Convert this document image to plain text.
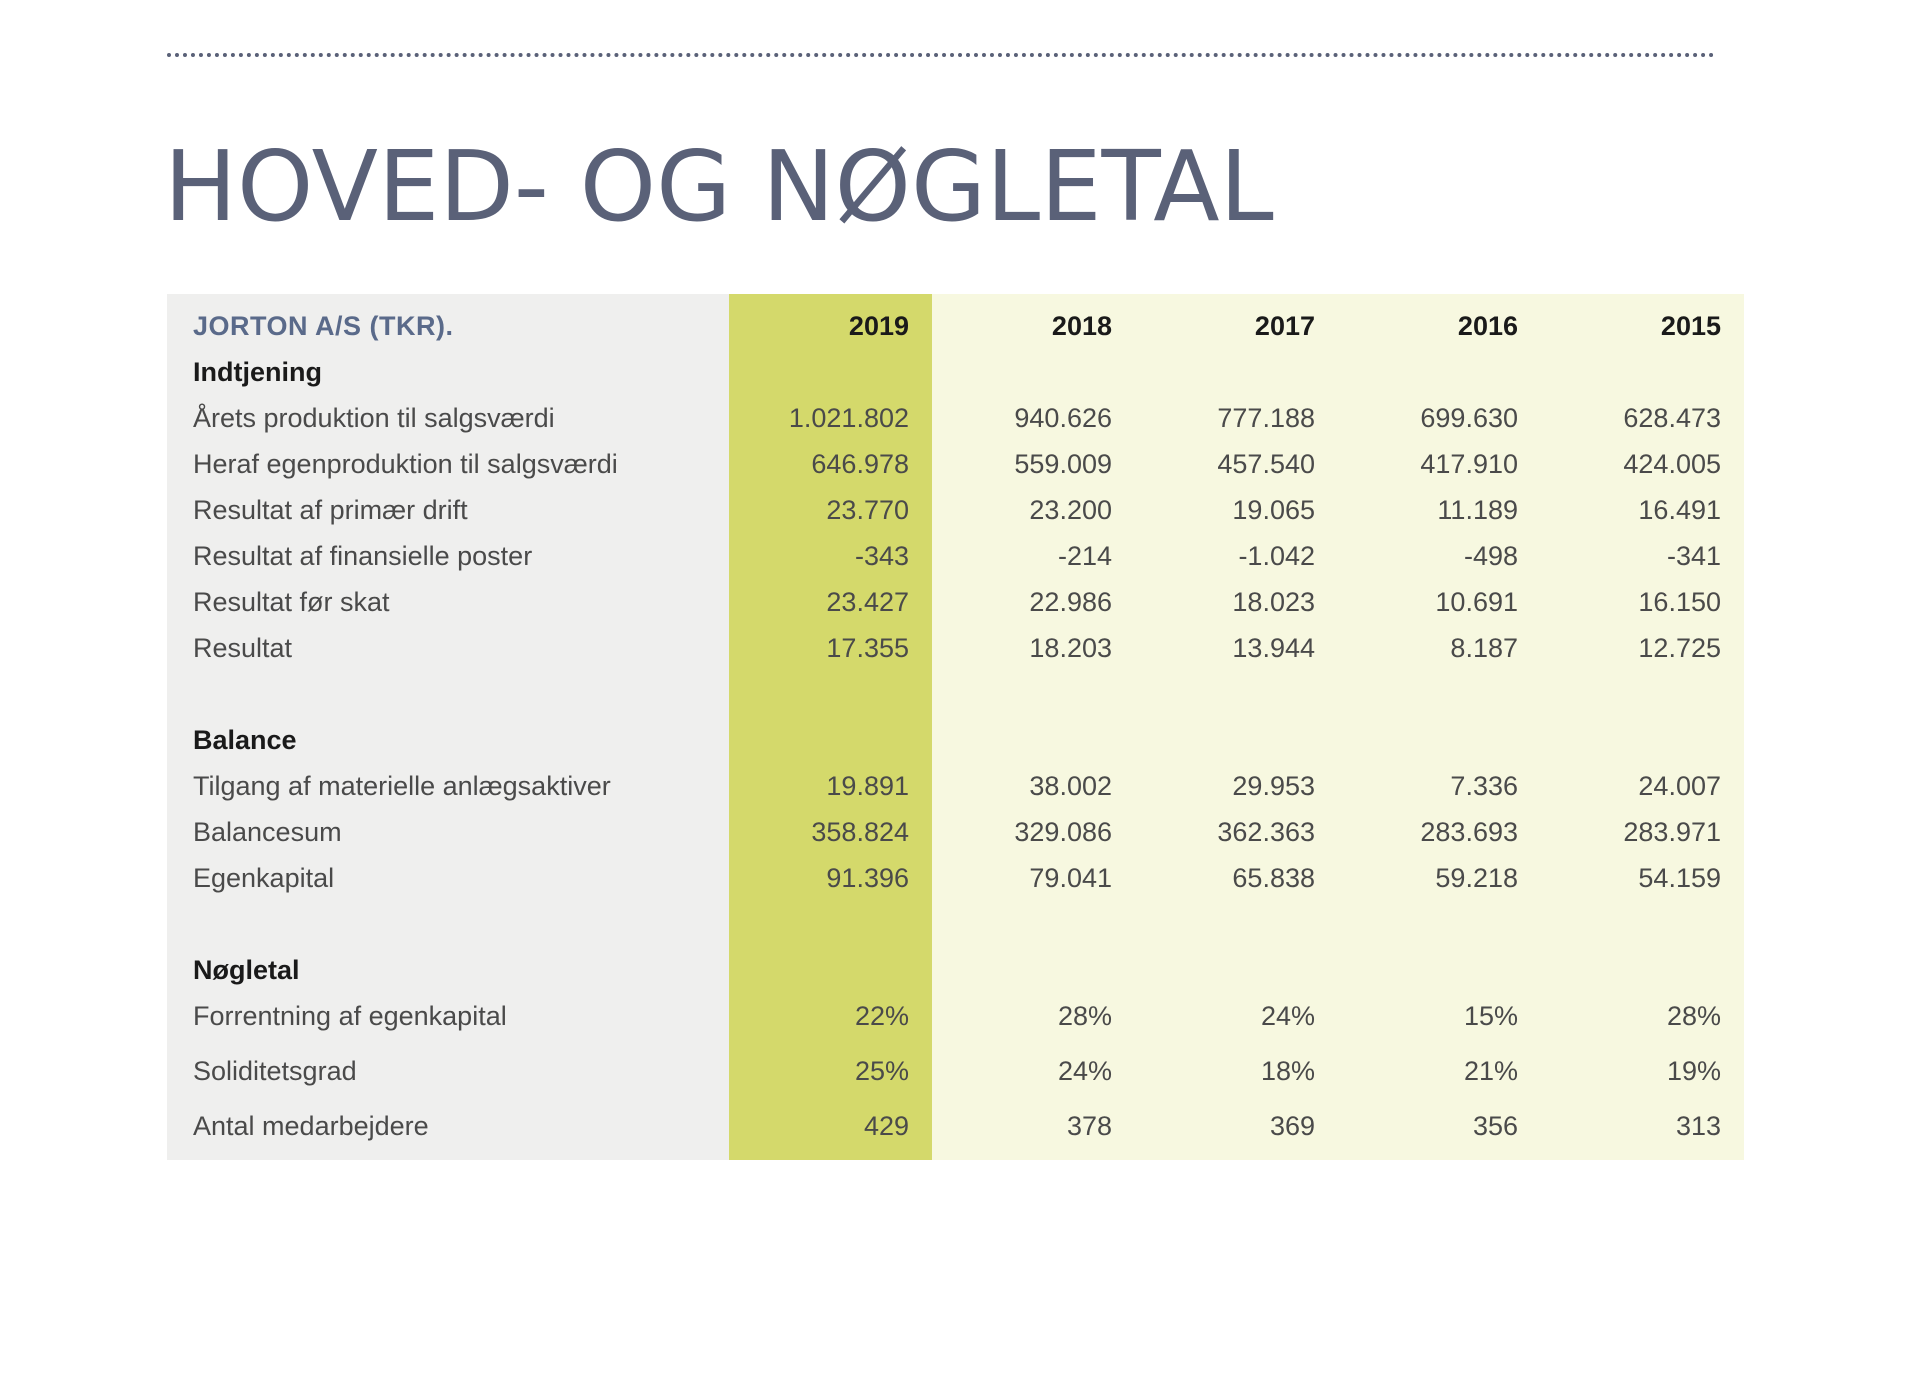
HOVED- OG NØGLETAL
JORTON A/S (TKR).	2019	2018	2017	2016	2015
Indtjening
Årets produktion til salgsværdi	1.021.802	940.626	777.188	699.630	628.473
Heraf egenproduktion til salgsværdi	646.978	559.009	457.540	417.910	424.005
Resultat af primær drift	23.770	23.200	19.065	11.189	16.491
Resultat af finansielle poster	-343	-214	-1.042	-498	-341
Resultat før skat	23.427	22.986	18.023	10.691	16.150
Resultat	17.355	18.203	13.944	8.187	12.725
Balance
Tilgang af materielle anlægsaktiver	19.891	38.002	29.953	7.336	24.007
Balancesum	358.824	329.086	362.363	283.693	283.971
Egenkapital	91.396	79.041	65.838	59.218	54.159
Nøgletal
Forrentning af egenkapital	22%	28%	24%	15%	28%
Soliditetsgrad	25%	24%	18%	21%	19%
Antal medarbejdere	429	378	369	356	313
